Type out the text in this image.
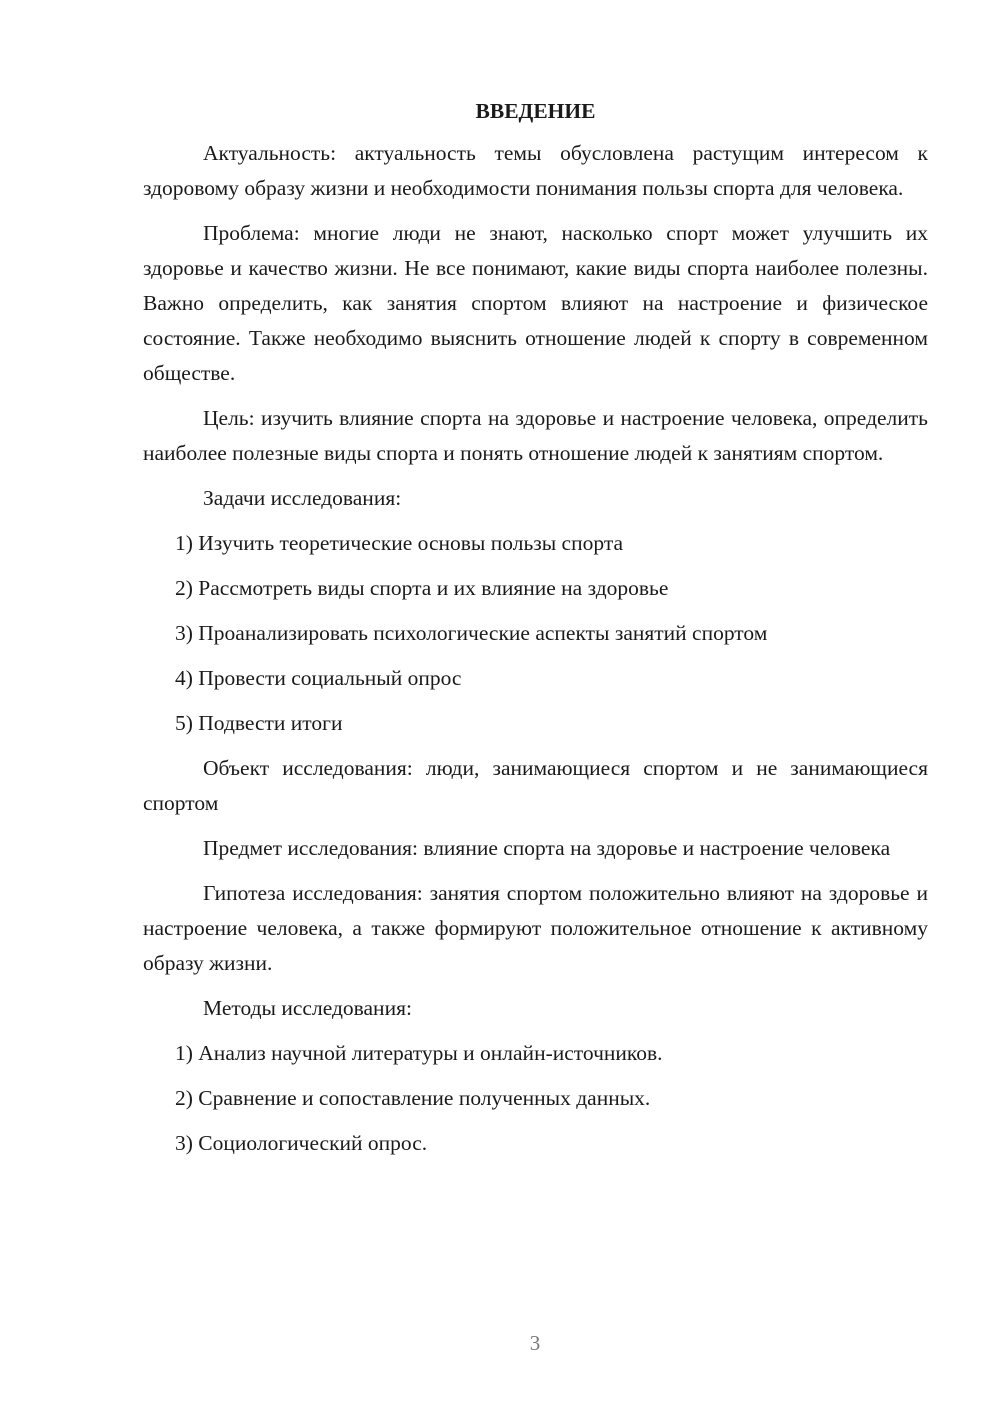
ВВЕДЕНИЕ

Актуальность: актуальность темы обусловлена растущим интересом к здоровому образу жизни и необходимости понимания пользы спорта для человека.

Проблема: многие люди не знают, насколько спорт может улучшить их здоровье и качество жизни. Не все понимают, какие виды спорта наиболее полезны. Важно определить, как занятия спортом влияют на настроение и физическое состояние. Также необходимо выяснить отношение людей к спорту в современном обществе.

Цель: изучить влияние спорта на здоровье и настроение человека, определить наиболее полезные виды спорта и понять отношение людей к занятиям спортом.

Задачи исследования:

1) Изучить теоретические основы пользы спорта
2) Рассмотреть виды спорта и их влияние на здоровье
3) Проанализировать психологические аспекты занятий спортом
4) Провести социальный опрос
5) Подвести итоги

Объект исследования: люди, занимающиеся спортом и не занимающиеся спортом

Предмет исследования: влияние спорта на здоровье и настроение человека

Гипотеза исследования: занятия спортом положительно влияют на здоровье и настроение человека, а также формируют положительное отношение к активному образу жизни.

Методы исследования:

1) Анализ научной литературы и онлайн-источников.
2) Сравнение и сопоставление полученных данных.
3) Социологический опрос.
3
